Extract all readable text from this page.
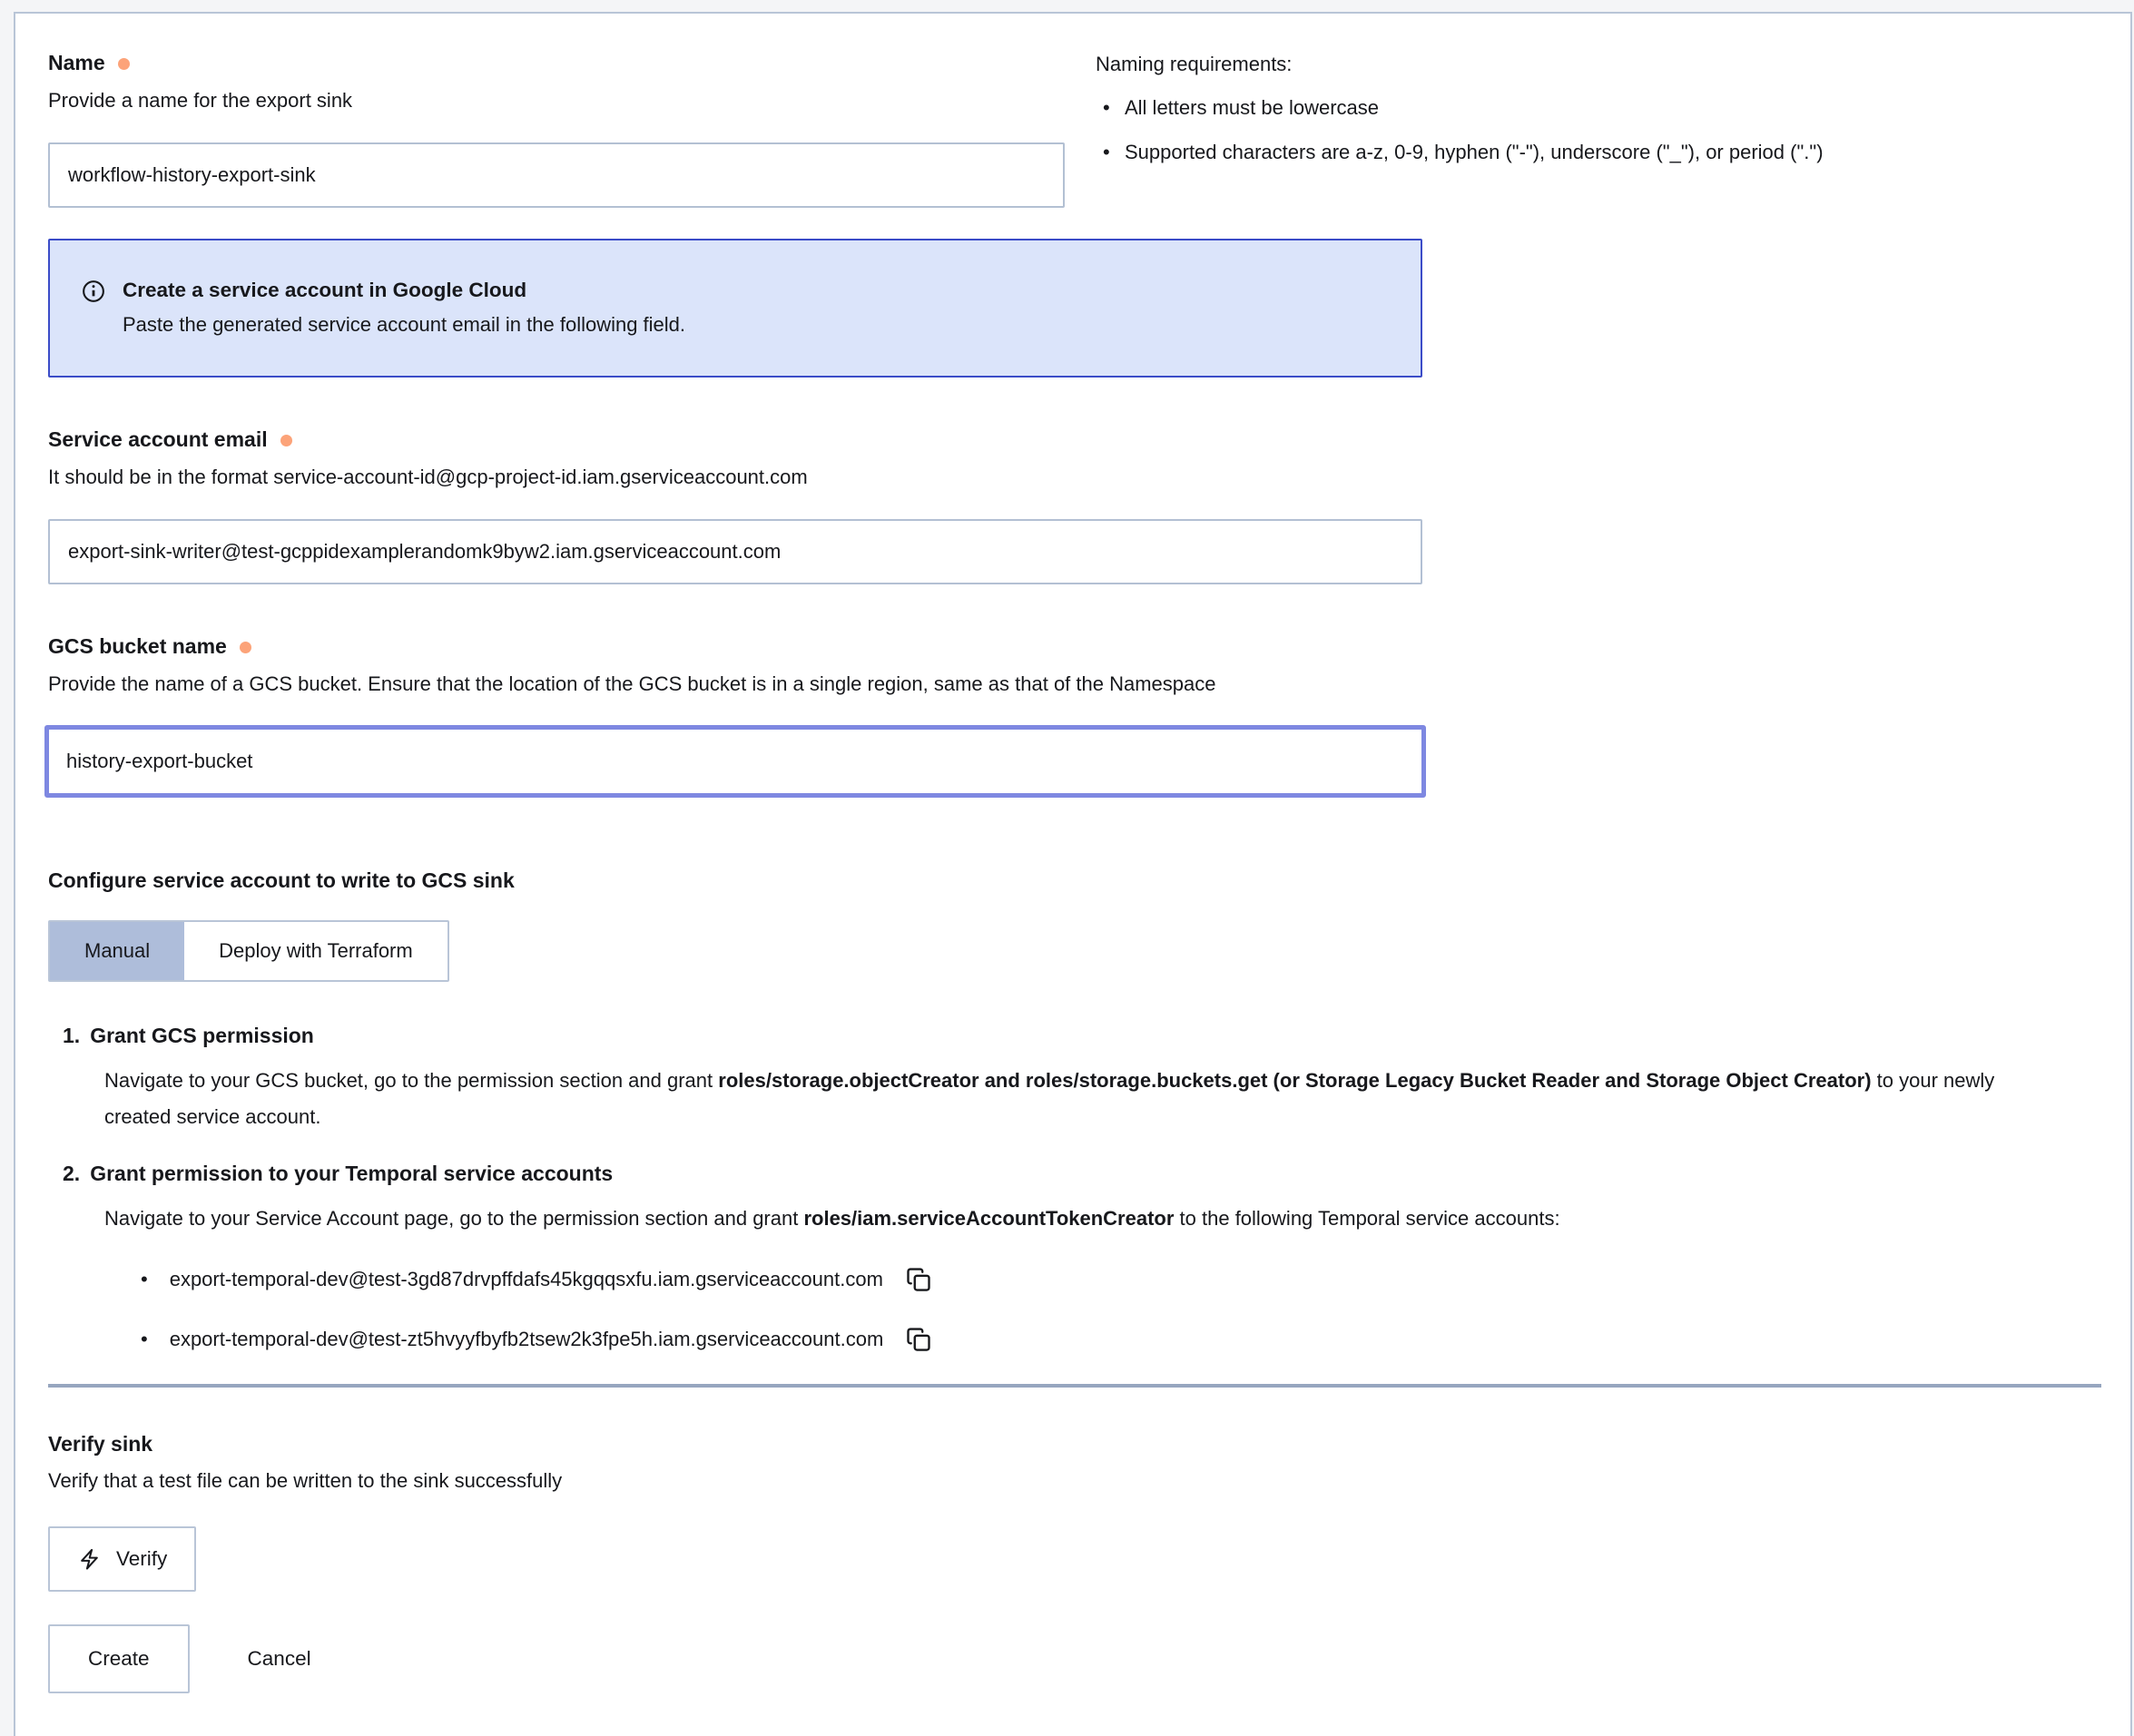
Name
Provide a name for the export sink
workflow-history-export-sink
Naming requirements:
• All letters must be lowercase
• Supported characters are a-z, 0-9, hyphen ("-"), underscore ("_"), or period (".")
Create a service account in Google Cloud
Paste the generated service account email in the following field.
Service account email
It should be in the format service-account-id@gcp-project-id.iam.gserviceaccount.com
export-sink-writer@test-gcppidexamplerandomk9byw2.iam.gserviceaccount.com
GCS bucket name
Provide the name of a GCS bucket. Ensure that the location of the GCS bucket is in a single region, same as that of the Namespace
history-export-bucket
Configure service account to write to GCS sink
Manual	Deploy with Terraform
1. Grant GCS permission
Navigate to your GCS bucket, go to the permission section and grant roles/storage.objectCreator and roles/storage.buckets.get (or Storage Legacy Bucket Reader and Storage Object Creator) to your newly created service account.
2. Grant permission to your Temporal service accounts
Navigate to your Service Account page, go to the permission section and grant roles/iam.serviceAccountTokenCreator to the following Temporal service accounts:
• export-temporal-dev@test-3gd87drvpffdafs45kgqqsxfu.iam.gserviceaccount.com
• export-temporal-dev@test-zt5hvyyfbyfb2tsew2k3fpe5h.iam.gserviceaccount.com
Verify sink
Verify that a test file can be written to the sink successfully
Verify
Create	Cancel
